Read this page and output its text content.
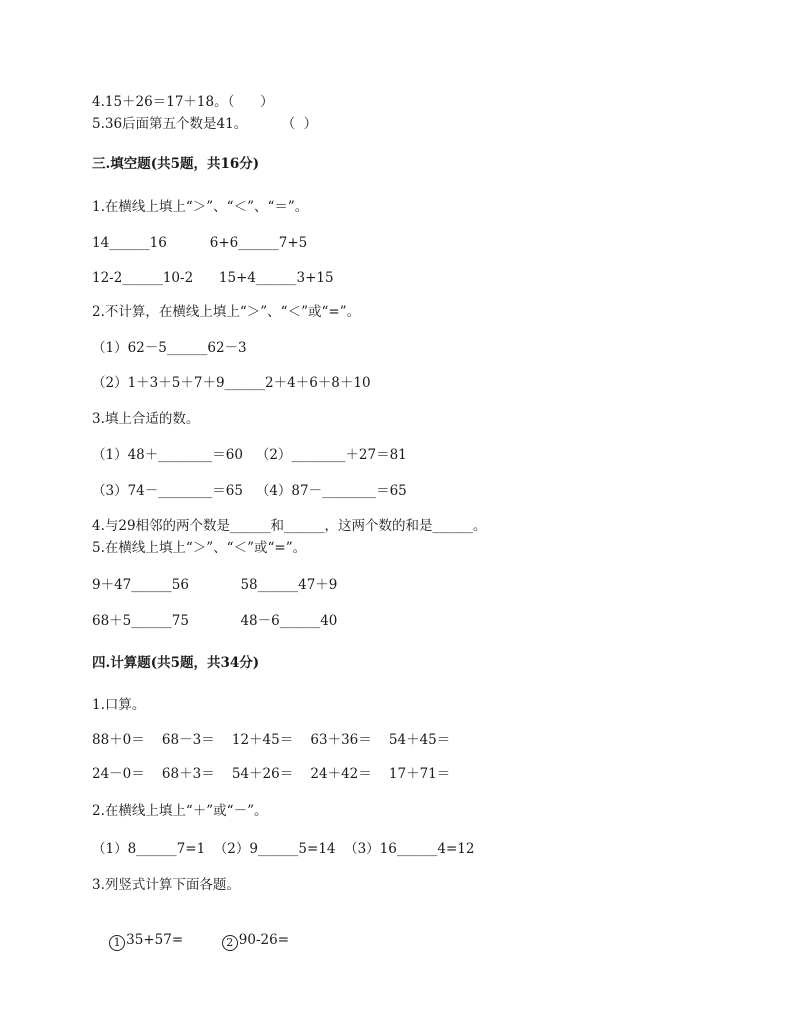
4.15＋26＝17＋18。（      ）
5.36后面第五个数是41。        （  ）
三.填空题(共5题，共16分)
1.在横线上填上“＞”、“＜”、“＝”。
14______16          6+6______7+5
12-2______10-2      15+4______3+15
2.不计算，在横线上填上“＞”、“＜”或“=”。
（1）62－5______62－3
（2）1＋3＋5＋7＋9______2＋4＋6＋8＋10
3.填上合适的数。
（1）48＋________＝60   （2）________＋27＝81
（3）74－________＝65   （4）87－________＝65
4.与29相邻的两个数是______和______，这两个数的和是______。
5.在横线上填上“＞”、“＜”或“=”。
9＋47______56            58______47＋9
68＋5______75            48－6______40
四.计算题(共5题，共34分)
1.口算。
88＋0＝    68－3＝    12＋45＝    63＋36＝    54＋45＝
24－0＝    68＋3＝    54＋26＝    24＋42＝    17＋71＝
2.在横线上填上“＋”或“－”。
（1）8______7=1  （2）9______5=14  （3）16______4=12
3.列竖式计算下面各题。

1 35+57=	2 90-26=
